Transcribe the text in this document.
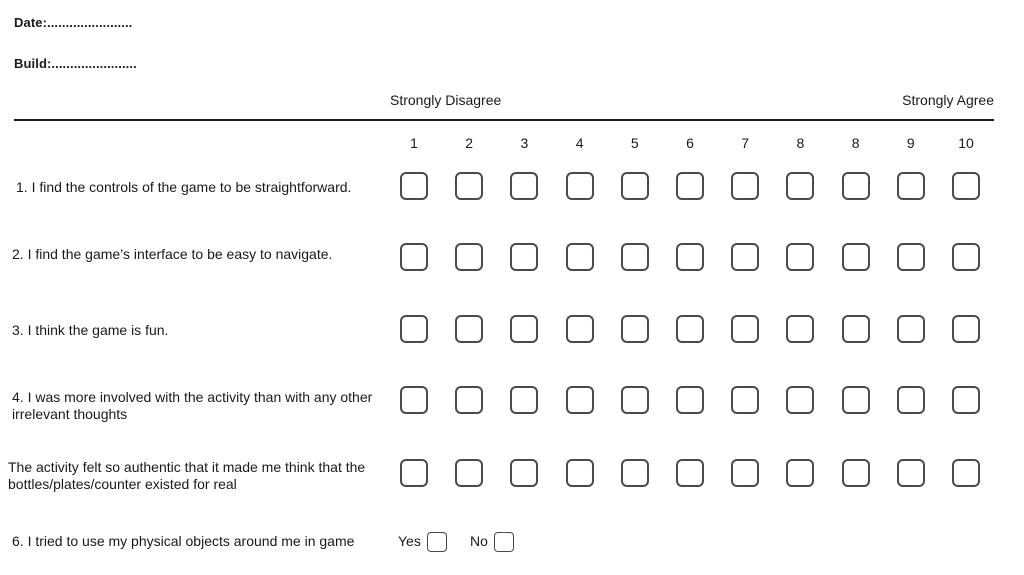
Date:.......................
Build:.......................
Strongly Disagree	Strongly Agree
1	2	3	4	5	6	7	8	8	9	10
1. I find the controls of the game to be straightforward.
2. I find the game’s interface to be easy to navigate.
3. I think the game is fun.
4. I was more involved with the activity than with any other irrelevant thoughts
The activity felt so authentic that it made me think that the bottles/plates/counter existed for real
6. I tried to use my physical objects around me in game	Yes	No
